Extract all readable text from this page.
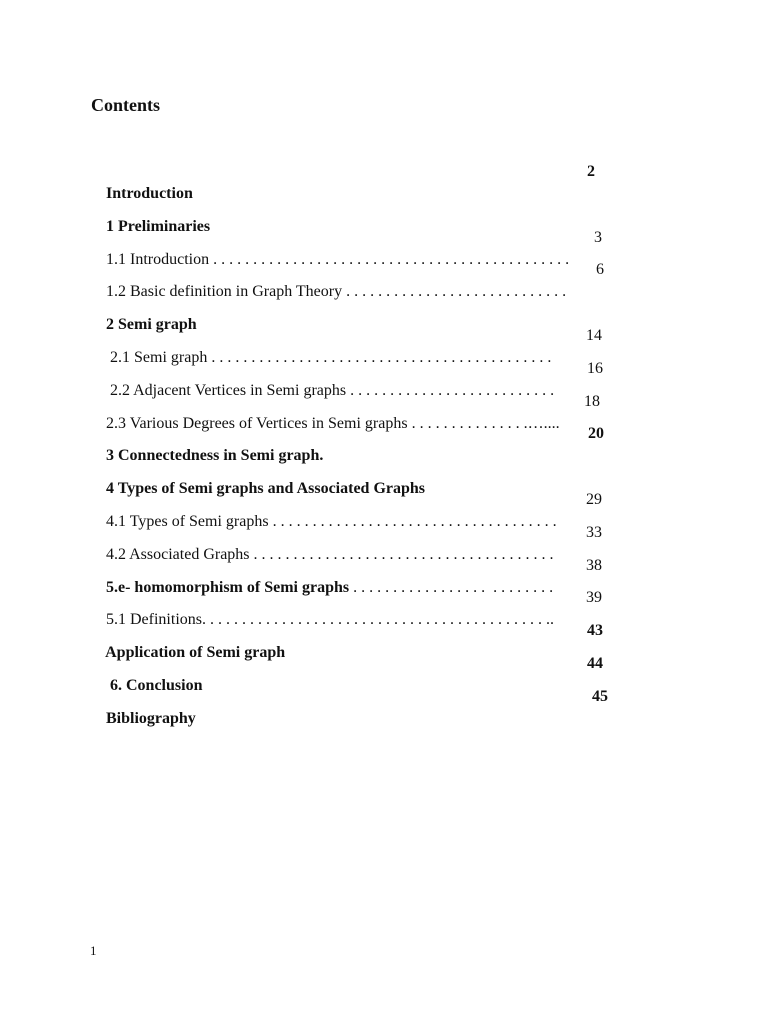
Contents

Introduction

2

1 Preliminaries

1.1 Introduction . . . . . . . . . . . . . . . . . . . . . . . . . . . . . . . . . . . . . . . . . . . . .

3

1.2 Basic definition in Graph Theory . . . . . . . . . . . . . . . . . . . . . . . . . . . .

6

2 Semi graph

2.1 Semi graph . . . . . . . . . . . . . . . . . . . . . . . . . . . . . . . . . . . . . . . . . . .

14

2.2 Adjacent Vertices in Semi graphs . . . . . . . . . . . . . . . . . . . . . . . . . .

16

2.3 Various Degrees of Vertices in Semi graphs . . . . . . . . . . . . . . .…....

18

3 Connectedness in Semi graph.

20

4 Types of Semi graphs and Associated Graphs

4.1 Types of Semi graphs . . . . . . . . . . . . . . . . . . . . . . . . . . . . . . . . . . . .

29

4.2 Associated Graphs . . . . . . . . . . . . . . . . . . . . . . . . . . . . . . . . . . . . . .

33

5.e- homomorphism of Semi graphs . . . . . . . . . . . . . . . . .  . . . . . . . .

38

5.1 Definitions. . . . . . . . . . . . . . . . . . . . . . . . . . . . . . . . . . . . . . . . . . . ..

39

Application of Semi graph

43

6. Conclusion

44

Bibliography

45

1
